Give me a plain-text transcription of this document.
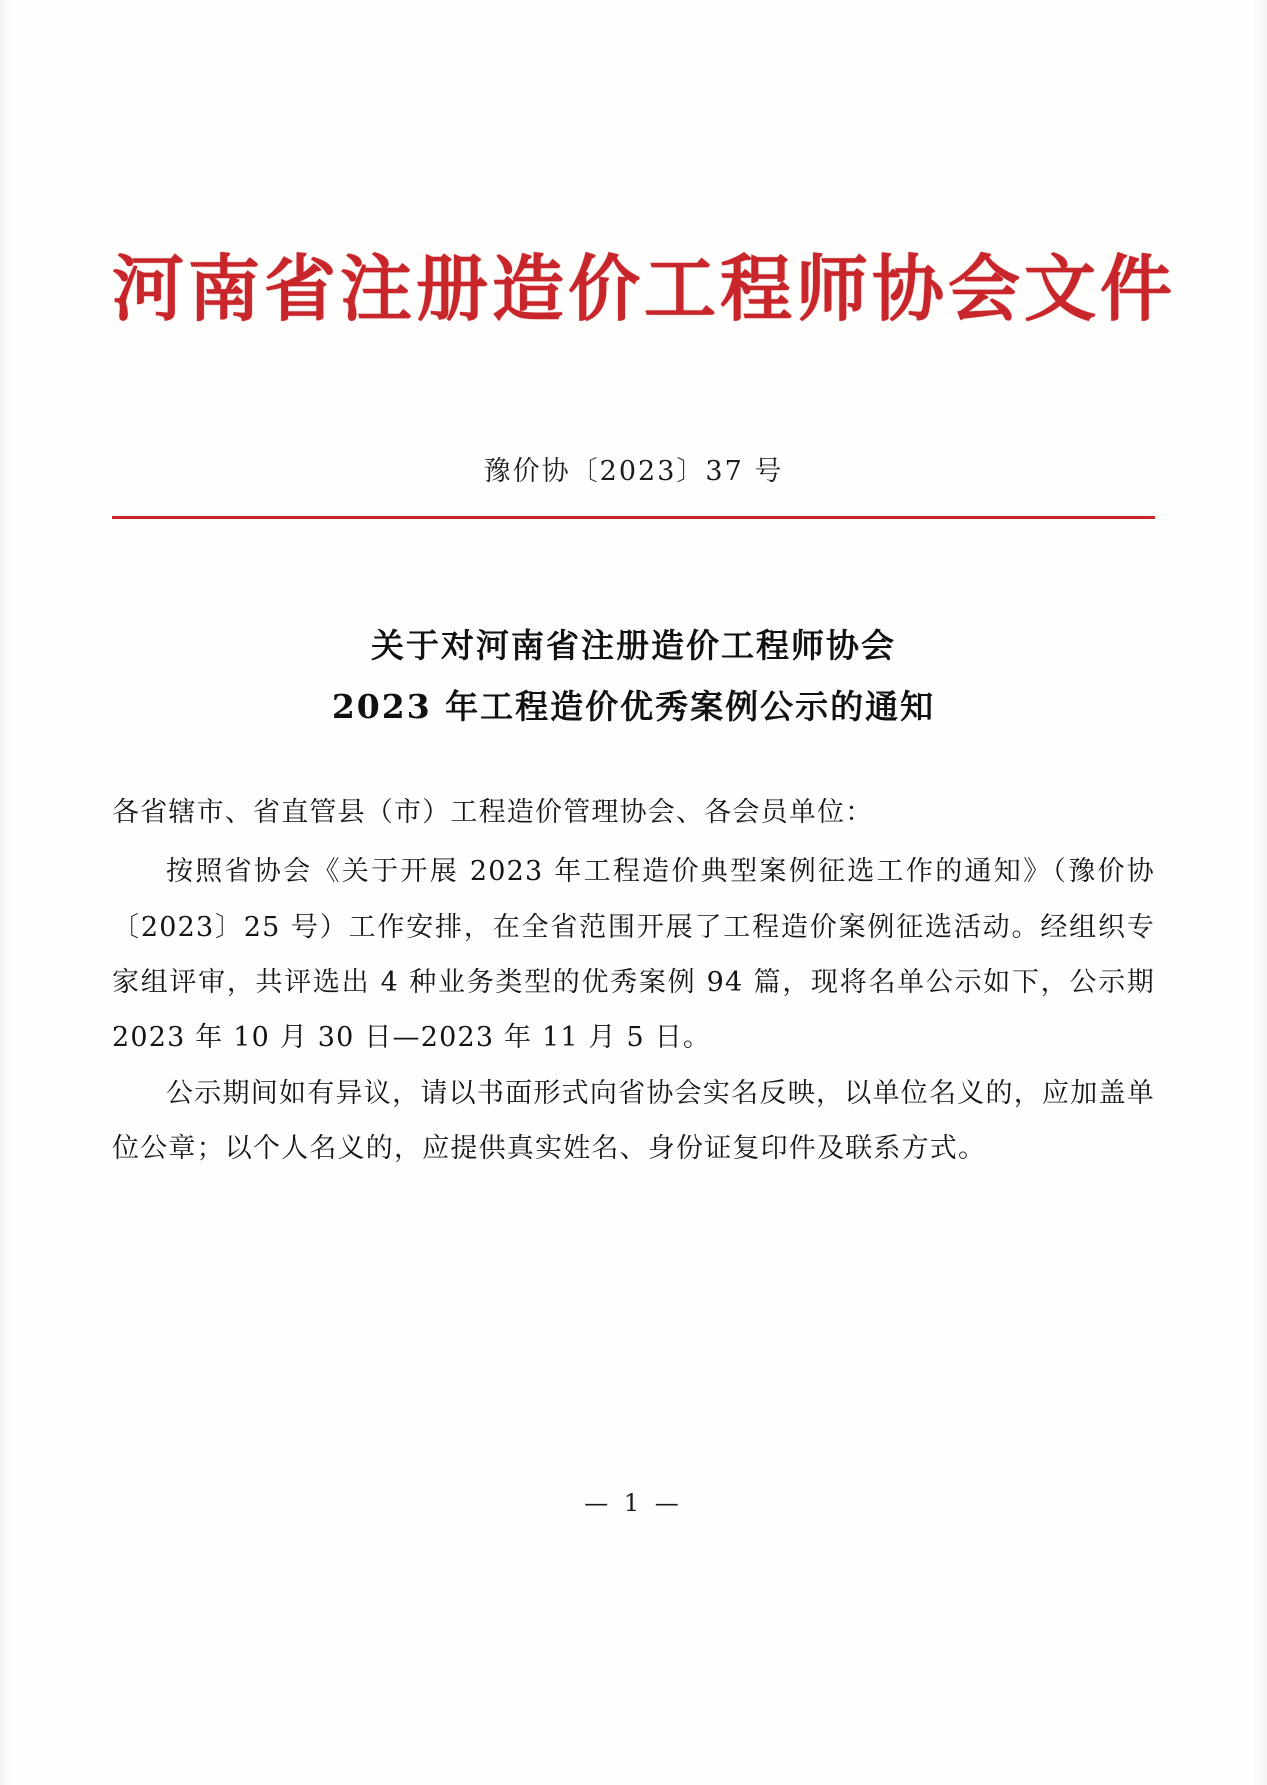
河南省注册造价工程师协会文件
豫价协〔2023〕37 号
关于对河南省注册造价工程师协会
2023 年工程造价优秀案例公示的通知

各省辖市、省直管县（市）工程造价管理协会、各会员单位：

按照省协会《关于开展 2023 年工程造价典型案例征选工作的通知》（豫价协〔2023〕25 号）工作安排，在全省范围开展了工程造价案例征选活动。经组织专家组评审，共评选出 4 种业务类型的优秀案例 94 篇，现将名单公示如下，公示期 2023 年 10 月 30 日—2023 年 11 月 5 日。

公示期间如有异议，请以书面形式向省协会实名反映，以单位名义的，应加盖单位公章；以个人名义的，应提供真实姓名、身份证复印件及联系方式。

— 1 —
